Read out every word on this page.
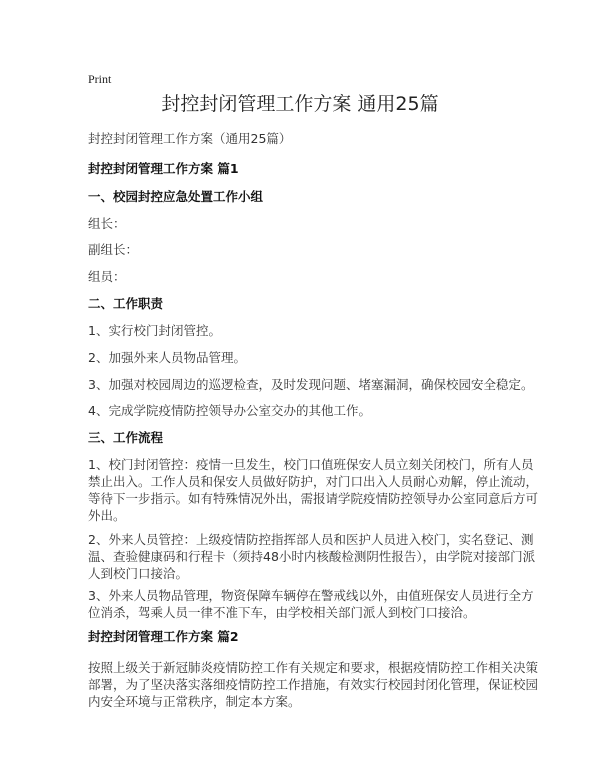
Print
封控封闭管理工作方案 通用25篇
封控封闭管理工作方案（通用25篇）
封控封闭管理工作方案 篇1
一、校园封控应急处置工作小组
组长：
副组长：
组员：
二、工作职责
1、实行校门封闭管控。
2、加强外来人员物品管理。
3、加强对校园周边的巡逻检查，及时发现问题、堵塞漏洞，确保校园安全稳定。
4、完成学院疫情防控领导办公室交办的其他工作。
三、工作流程
1、校门封闭管控：疫情一旦发生，校门口值班保安人员立刻关闭校门，所有人员
禁止出入。工作人员和保安人员做好防护，对门口出入人员耐心劝解，停止流动，
等待下一步指示。如有特殊情况外出，需报请学院疫情防控领导办公室同意后方可
外出。
2、外来人员管控：上级疫情防控指挥部人员和医护人员进入校门，实名登记、测
温、查验健康码和行程卡（须持48小时内核酸检测阴性报告），由学院对接部门派
人到校门口接洽。
3、外来人员物品管理，物资保障车辆停在警戒线以外，由值班保安人员进行全方
位消杀，驾乘人员一律不准下车，由学校相关部门派人到校门口接洽。
封控封闭管理工作方案 篇2
按照上级关于新冠肺炎疫情防控工作有关规定和要求，根据疫情防控工作相关决策
部署，为了坚决落实落细疫情防控工作措施，有效实行校园封闭化管理，保证校园
内安全环境与正常秩序，制定本方案。
